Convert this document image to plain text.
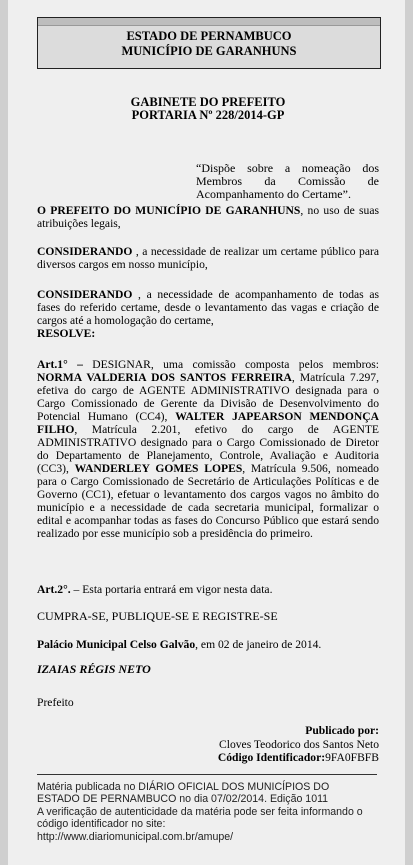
ESTADO DE PERNAMBUCO
MUNICÍPIO DE GARANHUNS
GABINETE DO PREFEITO
PORTARIA Nº 228/2014-GP
“Dispõe sobre a nomeação dos Membros da Comissão de Acompanhamento do Certame”.
O PREFEITO DO MUNICÍPIO DE GARANHUNS, no uso de suas atribuições legais,
CONSIDERANDO , a necessidade de realizar um certame público para diversos cargos em nosso município,
CONSIDERANDO , a necessidade de acompanhamento de todas as fases do referido certame, desde o levantamento das vagas e criação de cargos até a homologação do certame,
RESOLVE:
Art.1° – DESIGNAR, uma comissão composta pelos membros: NORMA VALDERIA DOS SANTOS FERREIRA, Matrícula 7.297, efetiva do cargo de AGENTE ADMINISTRATIVO designada para o Cargo Comissionado de Gerente da Divisão de Desenvolvimento do Potencial Humano (CC4), WALTER JAPEARSON MENDONÇA FILHO, Matrícula 2.201, efetivo do cargo de AGENTE ADMINISTRATIVO designado para o Cargo Comissionado de Diretor do Departamento de Planejamento, Controle, Avaliação e Auditoria (CC3), WANDERLEY GOMES LOPES, Matrícula 9.506, nomeado para o Cargo Comissionado de Secretário de Articulações Políticas e de Governo (CC1), efetuar o levantamento dos cargos vagos no âmbito do município e a necessidade de cada secretaria municipal, formalizar o edital e acompanhar todas as fases do Concurso Público que estará sendo realizado por esse município sob a presidência do primeiro.
Art.2°. – Esta portaria entrará em vigor nesta data.
CUMPRA-SE, PUBLIQUE-SE E REGISTRE-SE
Palácio Municipal Celso Galvão, em 02 de janeiro de 2014.
IZAIAS RÉGIS NETO
Prefeito
Publicado por:
Cloves Teodorico dos Santos Neto
Código Identificador:9FA0FBFB
Matéria publicada no DIÁRIO OFICIAL DOS MUNICÍPIOS DO
ESTADO DE PERNAMBUCO no dia 07/02/2014. Edição 1011
A verificação de autenticidade da matéria pode ser feita informando o
código identificador no site:
http://www.diariomunicipal.com.br/amupe/
